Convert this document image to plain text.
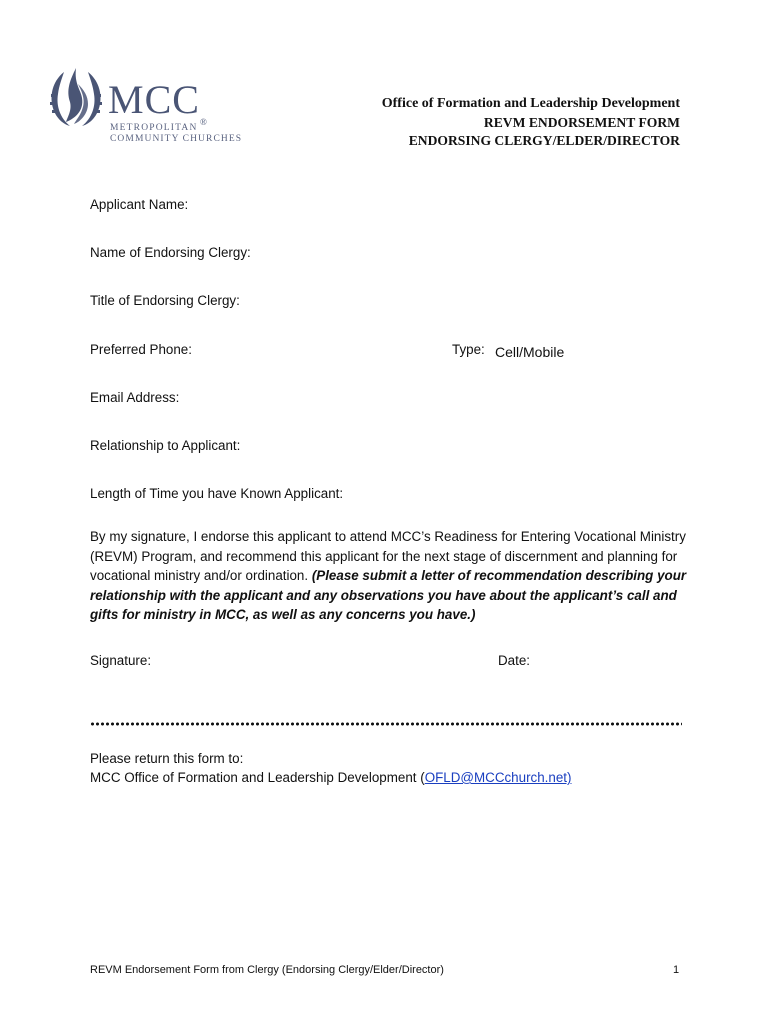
MCC®
METROPOLITAN
COMMUNITY CHURCHES
Office of Formation and Leadership Development
REVM ENDORSEMENT FORM
ENDORSING CLERGY/ELDER/DIRECTOR
Applicant Name:
Name of Endorsing Clergy:
Title of Endorsing Clergy:
Preferred Phone:	Type: Cell/Mobile
Email Address:
Relationship to Applicant:
Length of Time you have Known Applicant:
By my signature, I endorse this applicant to attend MCC’s Readiness for Entering Vocational Ministry (REVM) Program, and recommend this applicant for the next stage of discernment and planning for vocational ministry and/or ordination. (Please submit a letter of recommendation describing your relationship with the applicant and any observations you have about the applicant’s call and gifts for ministry in MCC, as well as any concerns you have.)
Signature:	Date:
Please return this form to:
MCC Office of Formation and Leadership Development (OFLD@MCCchurch.net)
REVM Endorsement Form from Clergy (Endorsing Clergy/Elder/Director)	1
